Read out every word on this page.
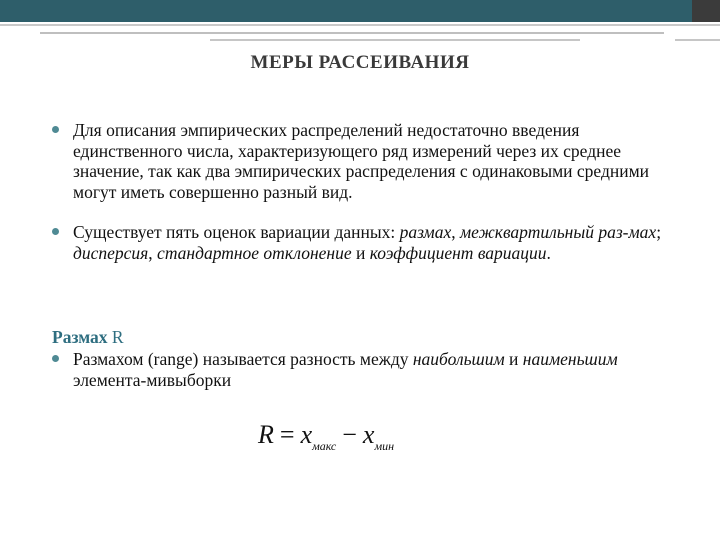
МЕРЫ РАССЕИВАНИЯ
Для описания эмпирических распределений недостаточно введения единственного числа, характеризующего ряд измерений через их среднее значение, так как два эмпирических распределения с одинаковыми средними могут иметь совершенно разный вид.
Существует пять оценок вариации данных: размах, межквартильный раз-мах; дисперсия, стандартное отклонение и коэффициент вариации.
Размах R
Размахом (range) называется разность между наибольшим и наименьшим элемента-мивыборки
$R = x_{макс} - x_{мин}$
